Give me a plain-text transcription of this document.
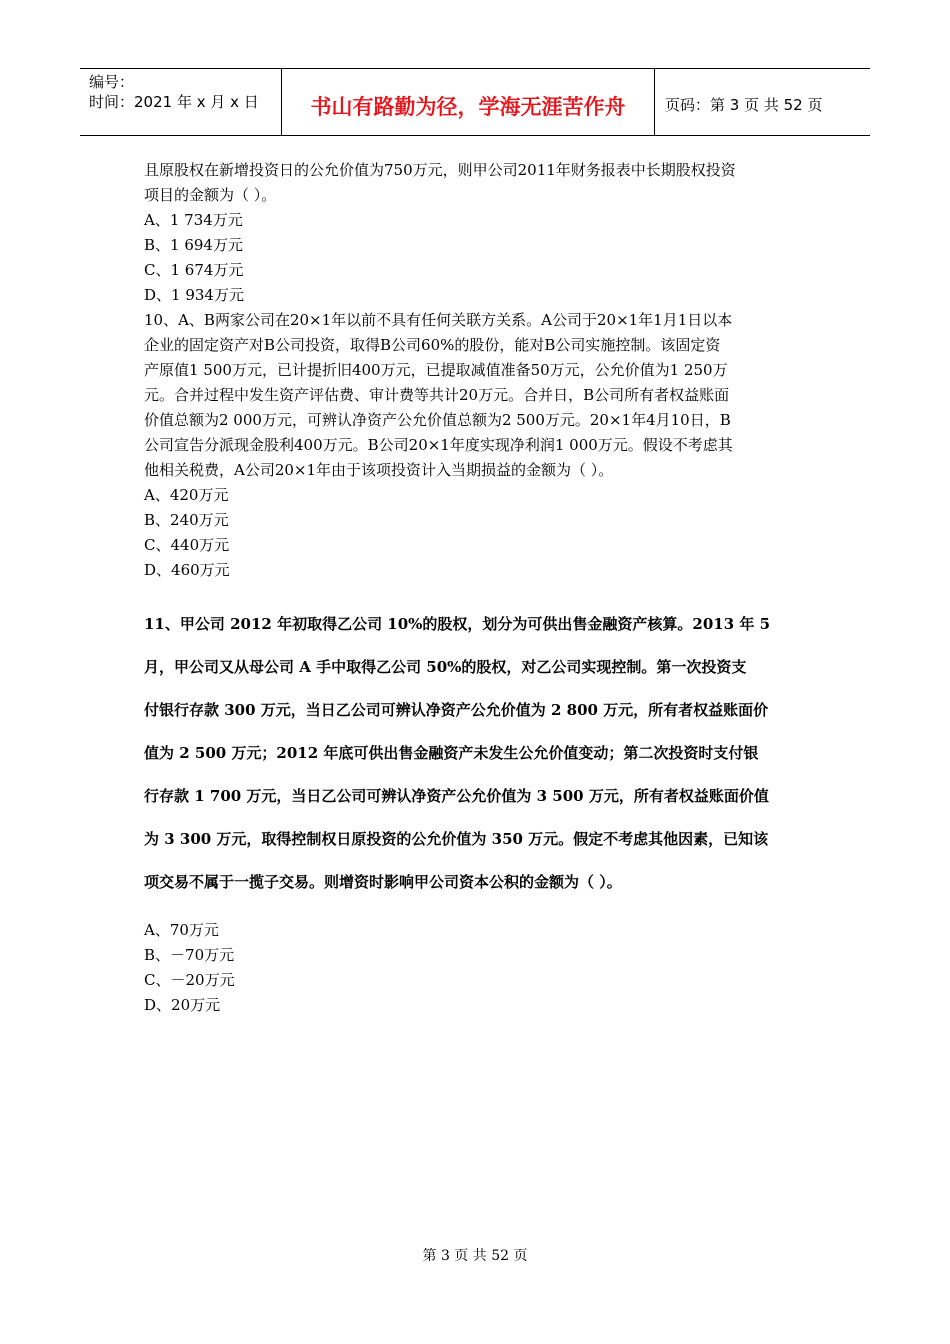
编号：
时间：2021 年 x 月 x 日	书山有路勤为径，学海无涯苦作舟	页码：第 3 页 共 52 页

且原股权在新增投资日的公允价值为750万元，则甲公司2011年财务报表中长期股权投资

项目的金额为（ ）。

A、1 734万元

B、1 694万元

C、1 674万元

D、1 934万元

10、A、B两家公司在20×1年以前不具有任何关联方关系。A公司于20×1年1月1日以本

企业的固定资产对B公司投资，取得B公司60%的股份，能对B公司实施控制。该固定资

产原值1 500万元，已计提折旧400万元，已提取减值准备50万元，公允价值为1 250万

元。合并过程中发生资产评估费、审计费等共计20万元。合并日，B公司所有者权益账面

价值总额为2 000万元，可辨认净资产公允价值总额为2 500万元。20×1年4月10日，B

公司宣告分派现金股利400万元。B公司20×1年度实现净利润1 000万元。假设不考虑其

他相关税费，A公司20×1年由于该项投资计入当期损益的金额为（ ）。

A、420万元

B、240万元

C、440万元

D、460万元

11、甲公司 2012 年初取得乙公司 10%的股权，划分为可供出售金融资产核算。2013 年 5

月，甲公司又从母公司 A 手中取得乙公司 50%的股权，对乙公司实现控制。第一次投资支

付银行存款 300 万元，当日乙公司可辨认净资产公允价值为 2 800 万元，所有者权益账面价

值为 2 500 万元；2012 年底可供出售金融资产未发生公允价值变动；第二次投资时支付银

行存款 1 700 万元，当日乙公司可辨认净资产公允价值为 3 500 万元，所有者权益账面价值

为 3 300 万元，取得控制权日原投资的公允价值为 350 万元。假定不考虑其他因素，已知该

项交易不属于一揽子交易。则增资时影响甲公司资本公积的金额为（ ）。

A、70万元

B、－70万元

C、－20万元

D、20万元

第 3 页 共 52 页
